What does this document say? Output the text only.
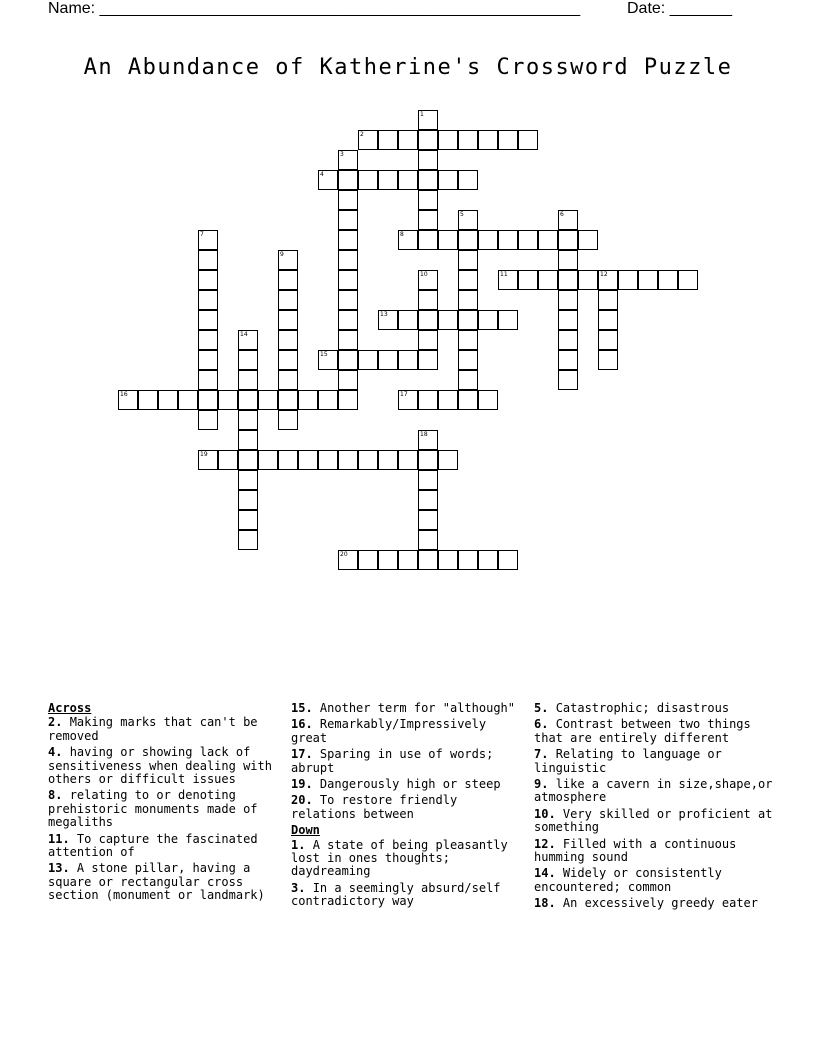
Name: ______________________________________________________	Date: _______
An Abundance of Katherine's Crossword Puzzle
1
2
3
4
5	6
7	8
9
10	11	12
13
14
15
16	17
18
19
20
Across
2. Making marks that can't be removed
4. having or showing lack of sensitiveness when dealing with others or difficult issues
8. relating to or denoting prehistoric monuments made of megaliths
11. To capture the fascinated attention of
13. A stone pillar, having a square or rectangular cross section (monument or landmark)
15. Another term for "although"
16. Remarkably/Impressively great
17. Sparing in use of words; abrupt
19. Dangerously high or steep
20. To restore friendly relations between
Down
1. A state of being pleasantly lost in ones thoughts; daydreaming
3. In a seemingly absurd/self contradictory way
5. Catastrophic; disastrous
6. Contrast between two things that are entirely different
7. Relating to language or linguistic
9. like a cavern in size,shape,or atmosphere
10. Very skilled or proficient at something
12. Filled with a continuous humming sound
14. Widely or consistently encountered; common
18. An excessively greedy eater
